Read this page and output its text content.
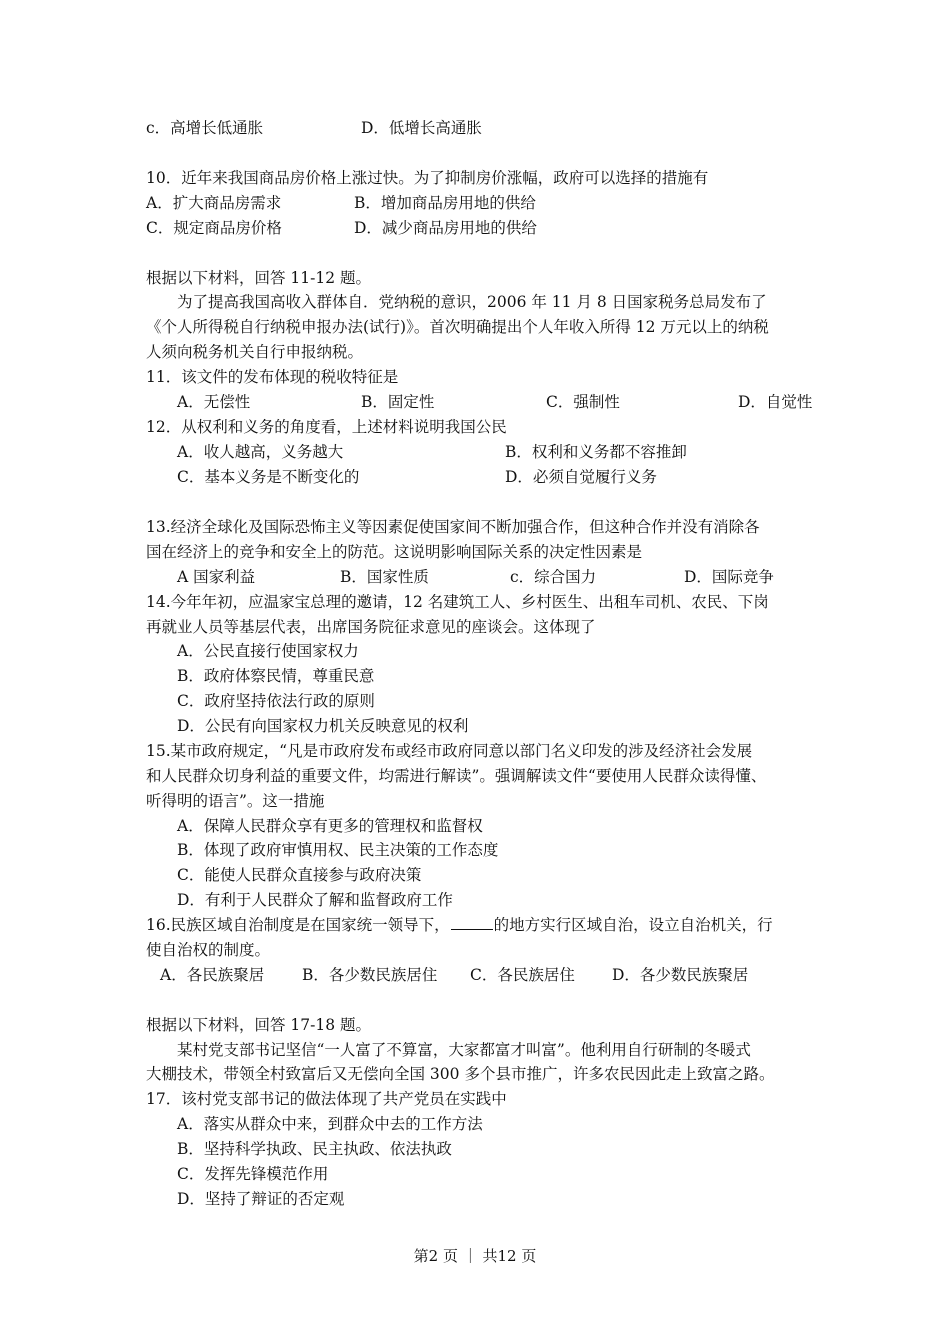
c．高增长低通胀	D．低增长高通胀
10．近年来我国商品房价格上涨过快。为了抑制房价涨幅，政府可以选择的措施有
A．扩大商品房需求	B．增加商品房用地的供给
C．规定商品房价格	D．减少商品房用地的供给
根据以下材料，回答 11-12 题。
为了提高我国高收入群体自．党纳税的意识，2006 年 11 月 8 日国家税务总局发布了
《个人所得税自行纳税申报办法(试行)》。首次明确提出个人年收入所得 12 万元以上的纳税
人须向税务机关自行申报纳税。
11．该文件的发布体现的税收特征是
A．无偿性	B．固定性	C．强制性	D．自觉性
12．从权利和义务的角度看，上述材料说明我国公民
A．收人越高，义务越大	B．权利和义务都不容推卸
C．基本义务是不断变化的	D．必须自觉履行义务
13.经济全球化及国际恐怖主义等因素促使国家间不断加强合作，但这种合作并没有消除各
国在经济上的竞争和安全上的防范。这说明影响国际关系的决定性因素是
A 国家利益	B．国家性质	c．综合国力	D．国际竞争
14.今年年初，应温家宝总理的邀请，12 名建筑工人、乡村医生、出租车司机、农民、下岗
再就业人员等基层代表，出席国务院征求意见的座谈会。这体现了
A．公民直接行使国家权力
B．政府体察民情，尊重民意
C．政府坚持依法行政的原则
D．公民有向国家权力机关反映意见的权利
15.某市政府规定，“凡是市政府发布或经市政府同意以部门名义印发的涉及经济社会发展
和人民群众切身利益的重要文件，均需进行解读”。强调解读文件“要使用人民群众读得懂、
听得明的语言”。这一措施
A．保障人民群众享有更多的管理权和监督权
B．体现了政府审慎用权、民主决策的工作态度
C．能使人民群众直接参与政府决策
D．有利于人民群众了解和监督政府工作
16.民族区域自治制度是在国家统一领导下，	的地方实行区域自治，设立自治机关，行
使自治权的制度。
A．各民族聚居 B．各少数民族居住 C．各民族居住 D．各少数民族聚居
根据以下材料，回答 17-18 题。
某村党支部书记坚信“一人富了不算富，大家都富才叫富”。他利用自行研制的冬暖式
大棚技术，带领全村致富后又无偿向全国 300 多个县市推广，许多农民因此走上致富之路。
17．该村党支部书记的做法体现了共产党员在实践中
A．落实从群众中来，到群众中去的工作方法
B．坚持科学执政、民主执政、依法执政
C．发挥先锋模范作用
D．坚持了辩证的否定观
第2 页 ｜ 共12 页
